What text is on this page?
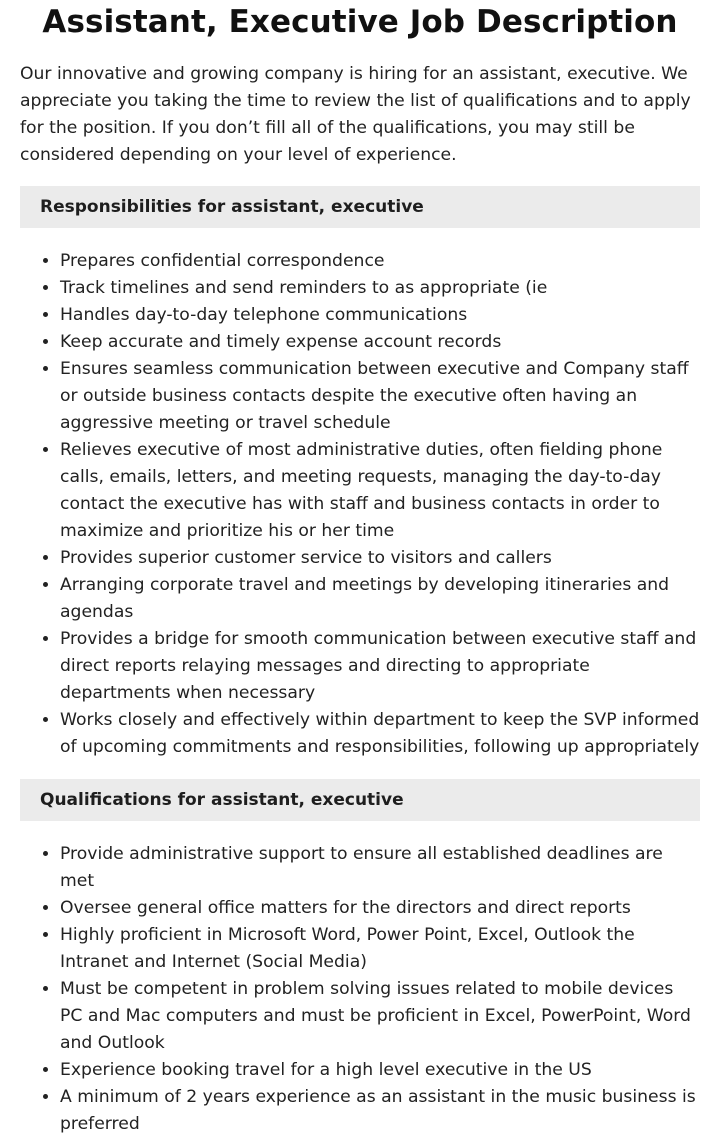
Assistant, Executive Job Description

Our innovative and growing company is hiring for an assistant, executive. We appreciate you taking the time to review the list of qualifications and to apply for the position. If you don’t fill all of the qualifications, you may still be considered depending on your level of experience.

Responsibilities for assistant, executive
• Prepares confidential correspondence
• Track timelines and send reminders to as appropriate (ie
• Handles day-to-day telephone communications
• Keep accurate and timely expense account records
• Ensures seamless communication between executive and Company staff or outside business contacts despite the executive often having an aggressive meeting or travel schedule
• Relieves executive of most administrative duties, often fielding phone calls, emails, letters, and meeting requests, managing the day-to-day contact the executive has with staff and business contacts in order to maximize and prioritize his or her time
• Provides superior customer service to visitors and callers
• Arranging corporate travel and meetings by developing itineraries and agendas
• Provides a bridge for smooth communication between executive staff and direct reports relaying messages and directing to appropriate departments when necessary
• Works closely and effectively within department to keep the SVP informed of upcoming commitments and responsibilities, following up appropriately
Qualifications for assistant, executive
• Provide administrative support to ensure all established deadlines are met
• Oversee general office matters for the directors and direct reports
• Highly proficient in Microsoft Word, Power Point, Excel, Outlook the Intranet and Internet (Social Media)
• Must be competent in problem solving issues related to mobile devices PC and Mac computers and must be proficient in Excel, PowerPoint, Word and Outlook
• Experience booking travel for a high level executive in the US
• A minimum of 2 years experience as an assistant in the music business is preferred
